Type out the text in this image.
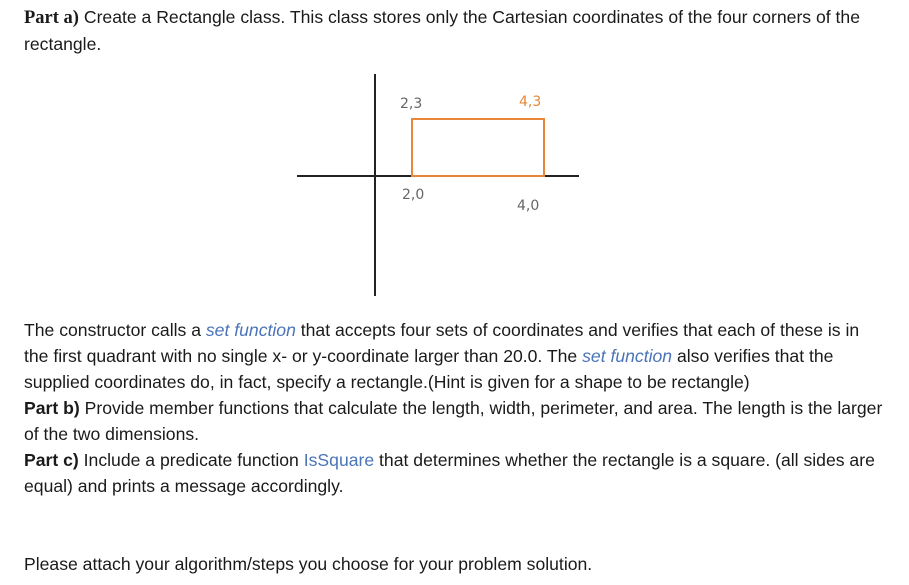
Part a) Create a Rectangle class. This class stores only the Cartesian coordinates of the four corners of the rectangle.

2,3	4,3
2,0
4,0

The constructor calls a set function that accepts four sets of coordinates and verifies that each of these is in the first quadrant with no single x- or y-coordinate larger than 20.0. The set function also verifies that the supplied coordinates do, in fact, specify a rectangle.(Hint is given for a shape to be rectangle)
Part b) Provide member functions that calculate the length, width, perimeter, and area. The length is the larger of the two dimensions.
Part c) Include a predicate function IsSquare that determines whether the rectangle is a square. (all sides are equal) and prints a message accordingly.

Please attach your algorithm/steps you choose for your problem solution.
